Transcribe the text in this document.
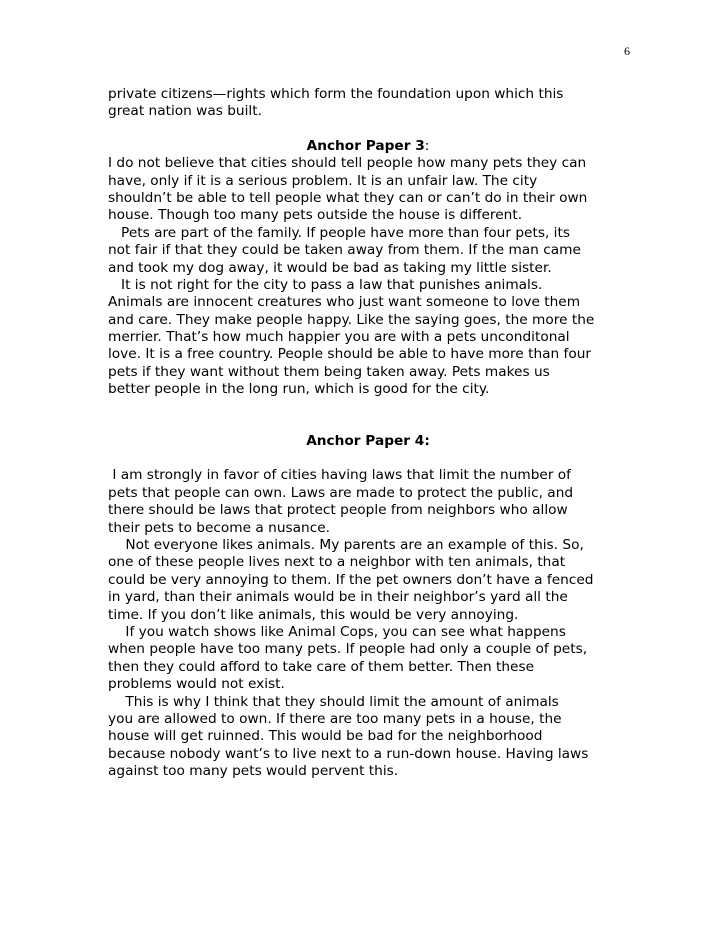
6
private citizens—rights which form the foundation upon which this
great nation was built.
Anchor Paper 3:
I do not believe that cities should tell people how many pets they can
have, only if it is a serious problem. It is an unfair law. The city
shouldn’t be able to tell people what they can or can’t do in their own
house. Though too many pets outside the house is different.
Pets are part of the family. If people have more than four pets, its
not fair if that they could be taken away from them. If the man came
and took my dog away, it would be bad as taking my little sister.
It is not right for the city to pass a law that punishes animals.
Animals are innocent creatures who just want someone to love them
and care. They make people happy. Like the saying goes, the more the
merrier. That’s how much happier you are with a pets unconditonal
love. It is a free country. People should be able to have more than four
pets if they want without them being taken away. Pets makes us
better people in the long run, which is good for the city.
Anchor Paper 4:
I am strongly in favor of cities having laws that limit the number of
pets that people can own. Laws are made to protect the public, and
there should be laws that protect people from neighbors who allow
their pets to become a nusance.
Not everyone likes animals. My parents are an example of this. So,
one of these people lives next to a neighbor with ten animals, that
could be very annoying to them. If the pet owners don’t have a fenced
in yard, than their animals would be in their neighbor’s yard all the
time. If you don’t like animals, this would be very annoying.
If you watch shows like Animal Cops, you can see what happens
when people have too many pets. If people had only a couple of pets,
then they could afford to take care of them better. Then these
problems would not exist.
This is why I think that they should limit the amount of animals
you are allowed to own. If there are too many pets in a house, the
house will get ruinned. This would be bad for the neighborhood
because nobody want’s to live next to a run-down house. Having laws
against too many pets would pervent this.
